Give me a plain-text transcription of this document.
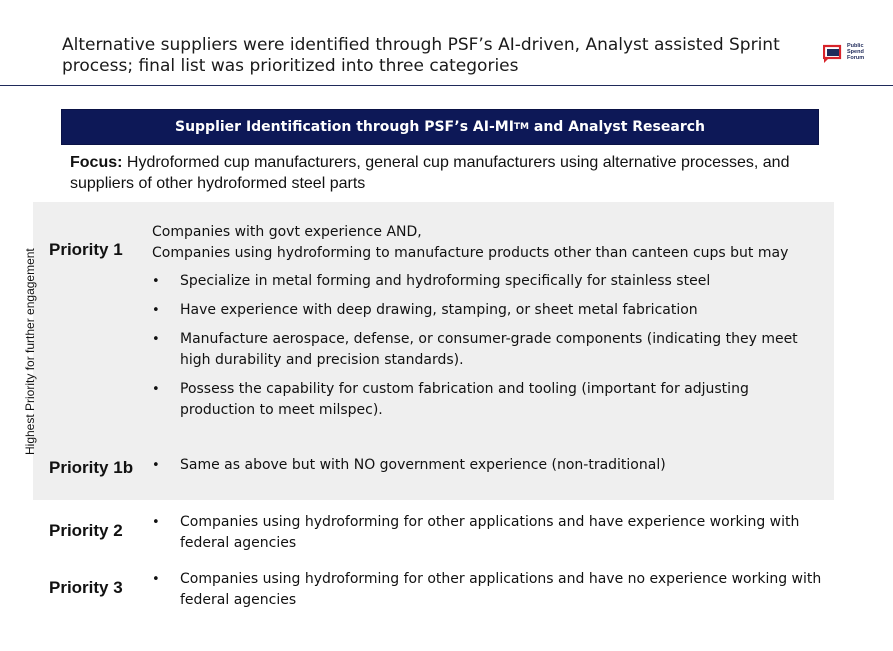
Alternative suppliers were identified through PSF’s AI-driven, Analyst assisted Sprint process; final list was prioritized into three categories
Public
Spend
Forum
Supplier Identification through PSF’s AI-MI TM and Analyst Research
Focus: Hydroformed cup manufacturers, general cup manufacturers using alternative processes, and suppliers of other hydroformed steel parts
Highest Priority for further engagement Priority 1
Companies with govt experience AND,
Companies using hydroforming to manufacture products other than canteen cups but may
• Specialize in metal forming and hydroforming specifically for stainless steel
• Have experience with deep drawing, stamping, or sheet metal fabrication
• Manufacture aerospace, defense, or consumer-grade components (indicating they meet high durability and precision standards).
• Possess the capability for custom fabrication and tooling (important for adjusting production to meet milspec).
Priority 1b • Same as above but with NO government experience (non-traditional)
Priority 2 • Companies using hydroforming for other applications and have experience working with federal agencies
Priority 3 • Companies using hydroforming for other applications and have no experience working with federal agencies
